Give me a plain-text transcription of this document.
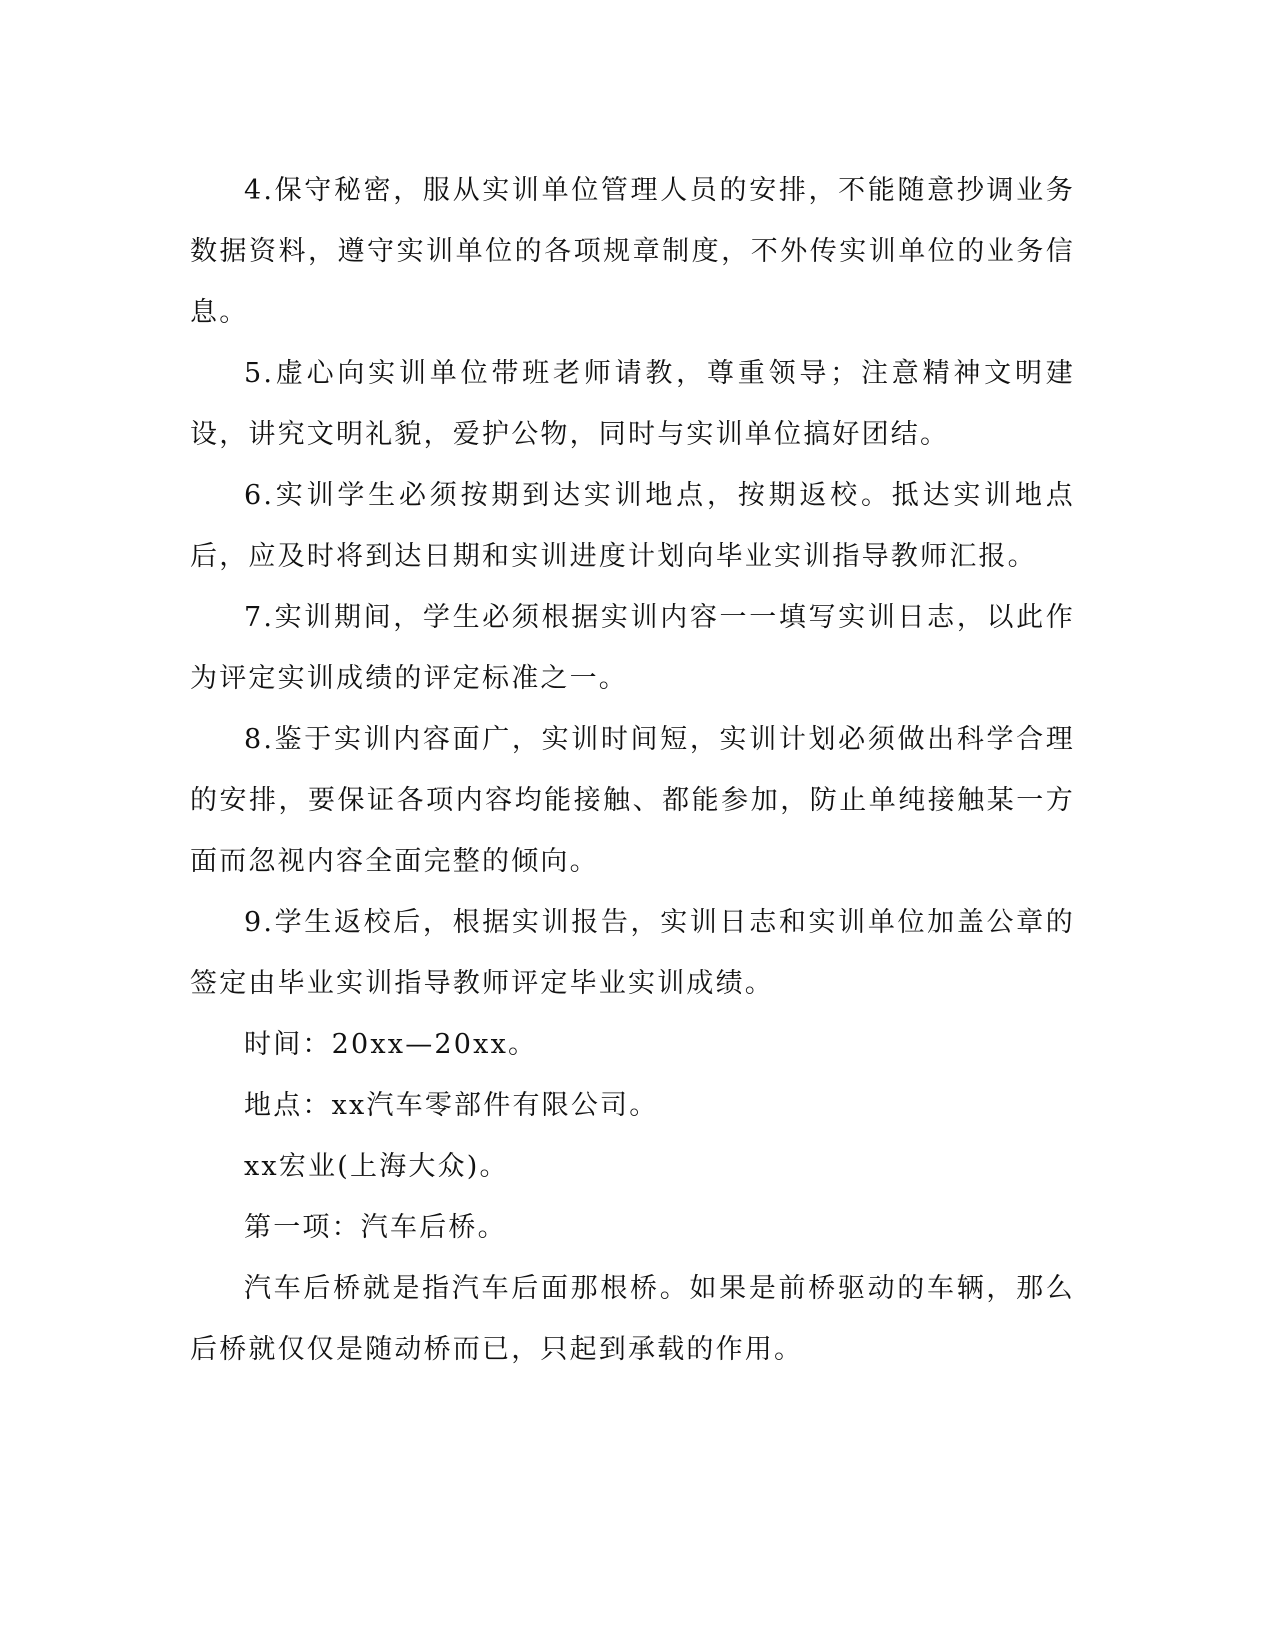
4.保守秘密，服从实训单位管理人员的安排，不能随意抄调业务数据资料，遵守实训单位的各项规章制度，不外传实训单位的业务信息。

5.虚心向实训单位带班老师请教，尊重领导；注意精神文明建设，讲究文明礼貌，爱护公物，同时与实训单位搞好团结。

6.实训学生必须按期到达实训地点，按期返校。抵达实训地点后，应及时将到达日期和实训进度计划向毕业实训指导教师汇报。

7.实训期间，学生必须根据实训内容一一填写实训日志，以此作为评定实训成绩的评定标准之一。

8.鉴于实训内容面广，实训时间短，实训计划必须做出科学合理的安排，要保证各项内容均能接触、都能参加，防止单纯接触某一方面而忽视内容全面完整的倾向。

9.学生返校后，根据实训报告，实训日志和实训单位加盖公章的签定由毕业实训指导教师评定毕业实训成绩。

时间：20xx—20xx。

地点：xx汽车零部件有限公司。

xx宏业(上海大众)。

第一项：汽车后桥。

汽车后桥就是指汽车后面那根桥。如果是前桥驱动的车辆，那么后桥就仅仅是随动桥而已，只起到承载的作用。
